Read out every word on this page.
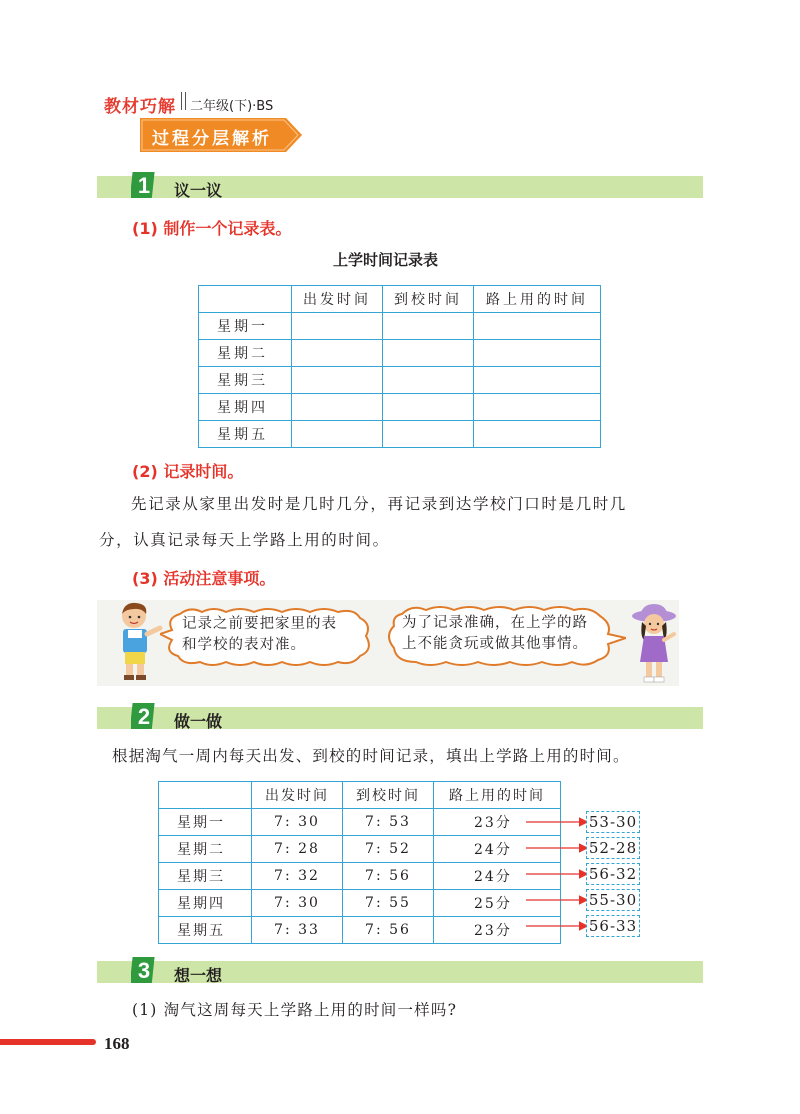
教材巧解 二年级(下)·BS
过程分层解析
1 议一议
(1) 制作一个记录表。
上学时间记录表
	出发时间	到校时间	路上用的时间
星期一			
星期二			
星期三			
星期四			
星期五			
(2) 记录时间。
先记录从家里出发时是几时几分，再记录到达学校门口时是几时几
分，认真记录每天上学路上用的时间。
(3) 活动注意事项。
记录之前要把家里的表
和学校的表对准。
为了记录准确，在上学的路
上不能贪玩或做其他事情。
2 做一做
根据淘气一周内每天出发、到校的时间记录，填出上学路上用的时间。
	出发时间	到校时间	路上用的时间
星期一	7: 30	7: 53	23分
星期二	7: 28	7: 52	24分
星期三	7: 32	7: 56	24分
星期四	7: 30	7: 55	25分
星期五	7: 33	7: 56	23分
53-30
52-28
56-32
55-30
56-33
3 想一想
(1) 淘气这周每天上学路上用的时间一样吗?
168
